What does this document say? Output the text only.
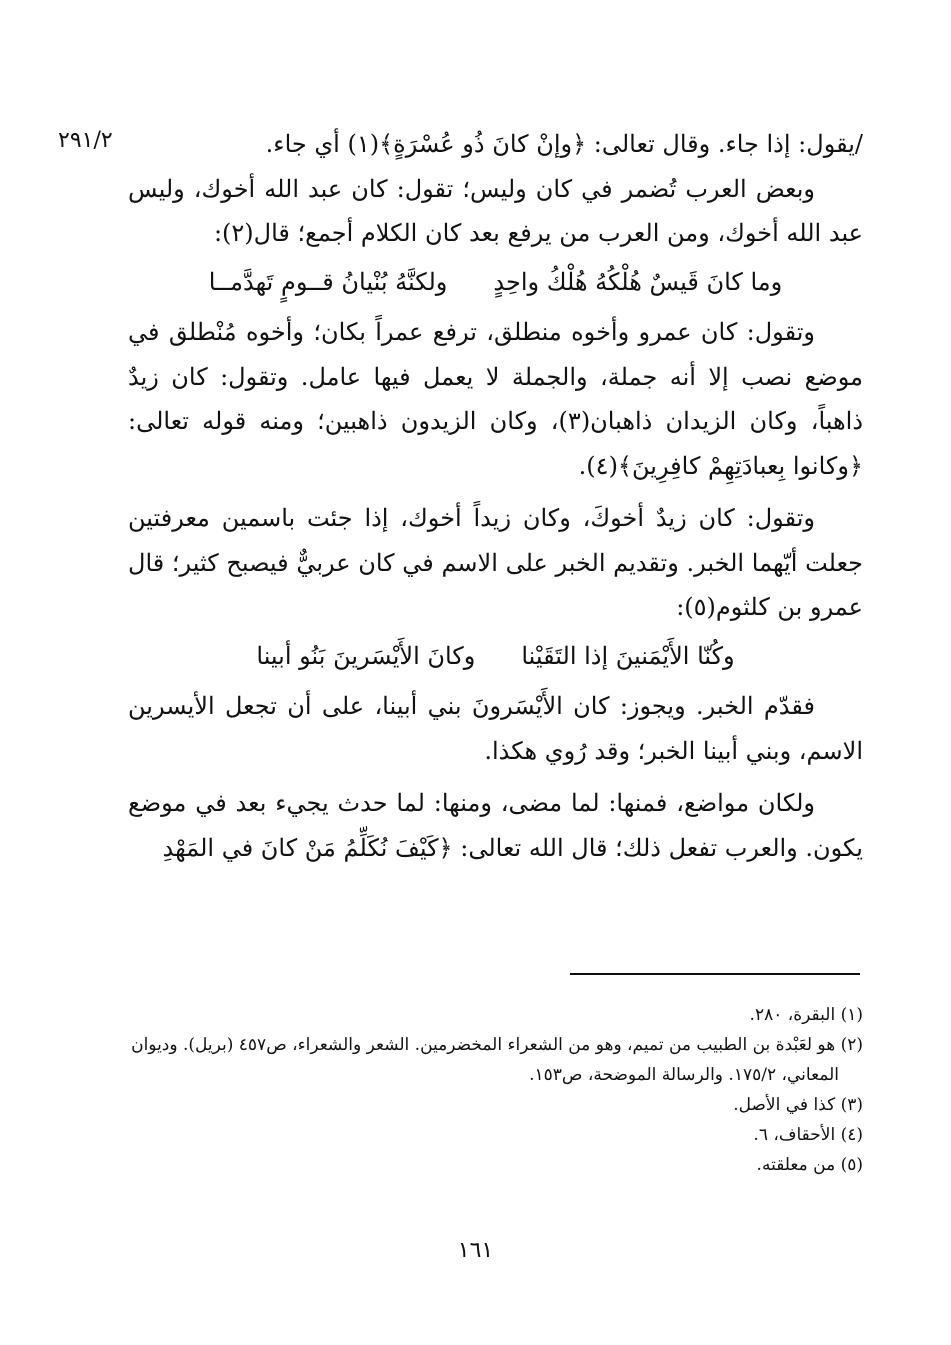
٢٩١/٢	/يقول: إذا جاء. وقال تعالى: ﴿وإنْ كانَ ذُو عُسْرَةٍ﴾(١) أي جاء.

وبعض العرب تُضمر في كان وليس؛ تقول: كان عبد الله أخوك، وليس عبد الله أخوك، ومن العرب من يرفع بعد كان الكلام أجمع؛ قال(٢):

وما كانَ قَيسٌ هُلْكُهُ هُلْكُ واحِدٍ
ولكنَّهُ بُنْيانُ قــومٍ تَهدَّمــا

وتقول: كان عمرو وأخوه منطلق، ترفع عمراً بكان؛ وأخوه مُنْطلق في موضع نصب إلا أنه جملة، والجملة لا يعمل فيها عامل. وتقول: كان زيدٌ ذاهباً، وكان الزيدان ذاهبان(٣)، وكان الزيدون ذاهبين؛ ومنه قوله تعالى: ﴿وكانوا بِعبادَتِهِمْ كافِرِينَ﴾(٤).

وتقول: كان زيدٌ أخوكَ، وكان زيداً أخوك، إذا جئت باسمين معرفتين جعلت أيّهما الخبر. وتقديم الخبر على الاسم في كان عربيٌّ فيصبح كثير؛ قال عمرو بن كلثوم(٥):

وكُنّا الأَيْمَنينَ إذا التَقَيْنا
وكانَ الأَيْسَرينَ بَنُو أبينا

فقدّم الخبر. ويجوز: كان الأَيْسَرونَ بني أبينا، على أن تجعل الأيسرين الاسم، وبني أبينا الخبر؛ وقد رُوي هكذا.

ولكان مواضع، فمنها: لما مضى، ومنها: لما حدث يجيء بعد في موضع يكون. والعرب تفعل ذلك؛ قال الله تعالى: ﴿كَيْفَ نُكَلِّمُ مَنْ كانَ في المَهْدِ

(١) البقرة، ٢٨٠.

(٢) هو لعَبْدة بن الطبيب من تميم، وهو من الشعراء المخضرمين. الشعر والشعراء، ص٤٥٧ (بريل). وديوان

المعاني، ١٧٥/٢. والرسالة الموضحة، ص١٥٣.

(٣) كذا في الأصل.

(٤) الأحقاف، ٦.

(٥) من معلقته.

١٦١
